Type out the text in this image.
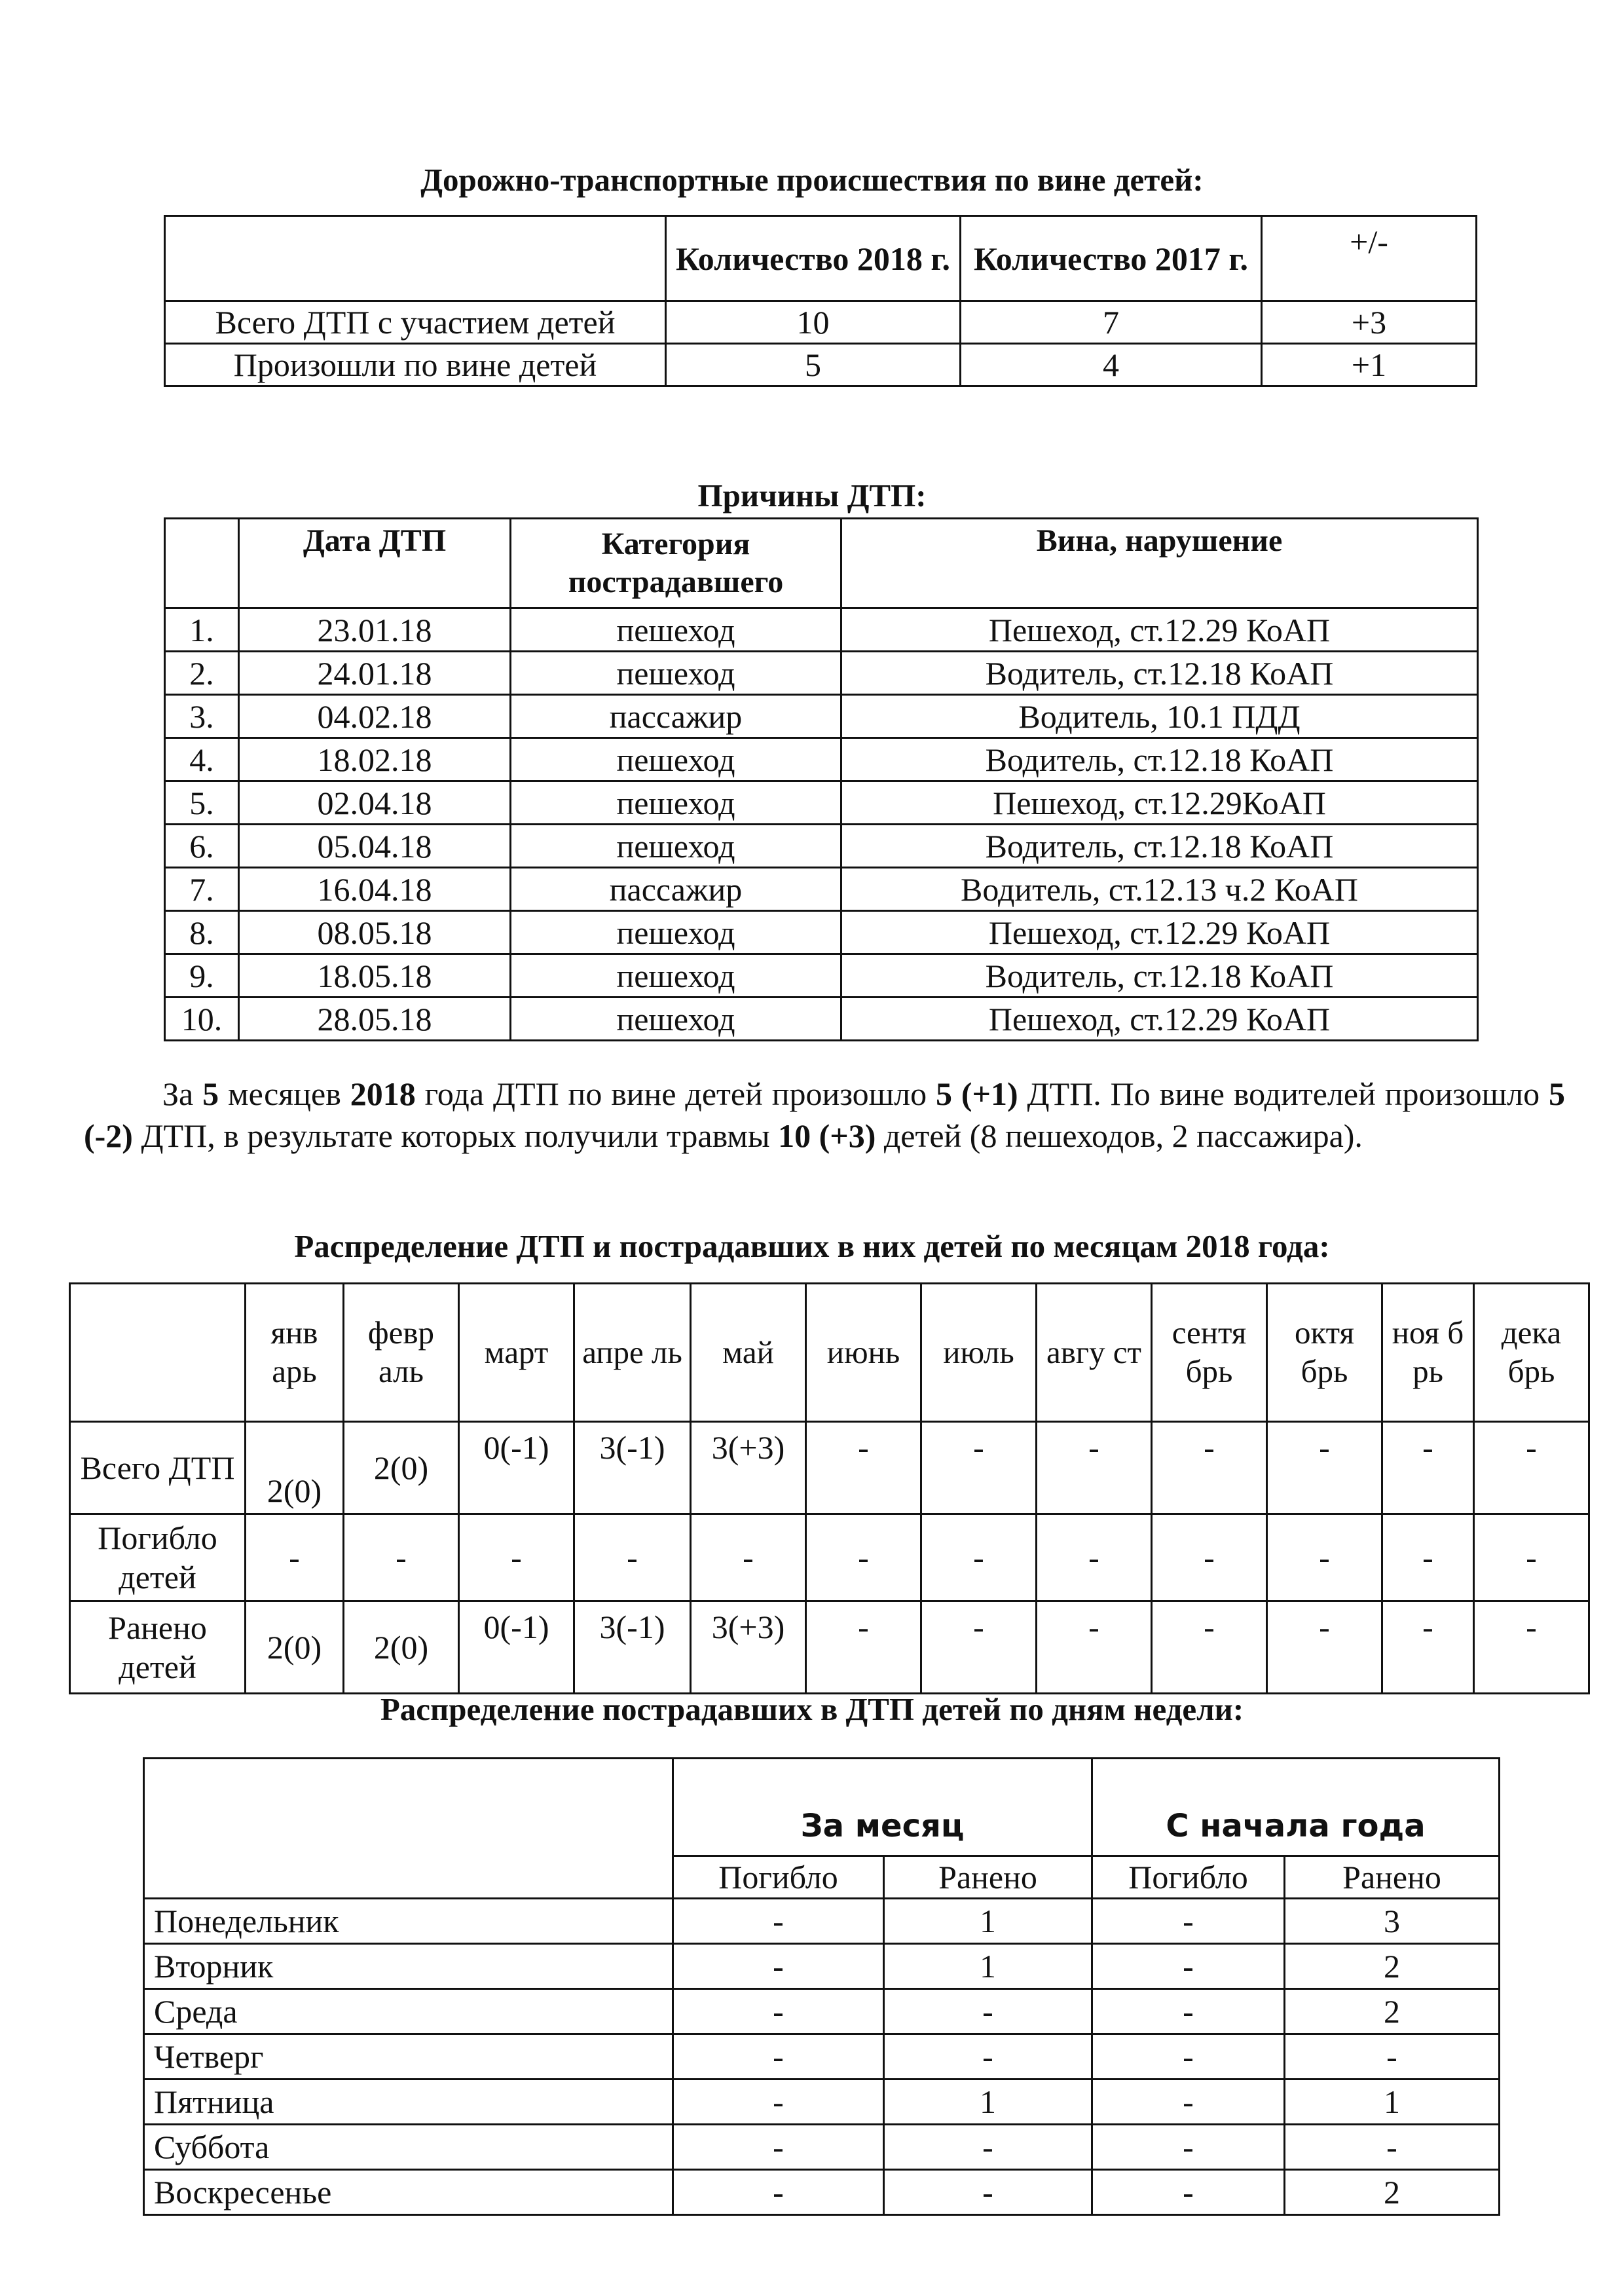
Дорожно-транспортные происшествия по вине детей:
	Количество 2018 г.	Количество 2017 г.	+/-
Всего ДТП с участием детей	10	7	+3
Произошли по вине детей	5	4	+1
Причины ДТП:
	Дата ДТП	Категория пострадавшего	Вина, нарушение
1.	23.01.18	пешеход	Пешеход, ст.12.29 КоАП
2.	24.01.18	пешеход	Водитель, ст.12.18 КоАП
3.	04.02.18	пассажир	Водитель, 10.1 ПДД
4.	18.02.18	пешеход	Водитель, ст.12.18 КоАП
5.	02.04.18	пешеход	Пешеход, ст.12.29КоАП
6.	05.04.18	пешеход	Водитель, ст.12.18 КоАП
7.	16.04.18	пассажир	Водитель, ст.12.13 ч.2 КоАП
8.	08.05.18	пешеход	Пешеход, ст.12.29 КоАП
9.	18.05.18	пешеход	Водитель, ст.12.18 КоАП
10.	28.05.18	пешеход	Пешеход, ст.12.29 КоАП
За 5 месяцев 2018 года ДТП по вине детей произошло 5 (+1) ДТП. По вине водителей произошло 5 (-2) ДТП, в результате которых получили травмы 10 (+3) детей (8 пешеходов, 2 пассажира).
Распределение ДТП и пострадавших в них детей по месяцам 2018 года:
	янв арь	февр аль	март	апре ль	май	июнь	июль	авгу ст	сентя брь	октя брь	ноя б рь	дека брь
Всего ДТП	2(0)	2(0)	0(-1)	3(-1)	3(+3)	-	-	-	-	-	-	-
Погибло детей	-	-	-	-	-	-	-	-	-	-	-	-
Ранено детей	2(0)	2(0)	0(-1)	3(-1)	3(+3)	-	-	-	-	-	-	-
Распределение пострадавших в ДТП детей по дням недели:
	За месяц		С начала года	
	Погибло	Ранено	Погибло	Ранено
Понедельник	-	1	-	3
Вторник	-	1	-	2
Среда	-	-	-	2
Четверг	-	-	-	-
Пятница	-	1	-	1
Суббота	-	-	-	-
Воскресенье	-	-	-	2
